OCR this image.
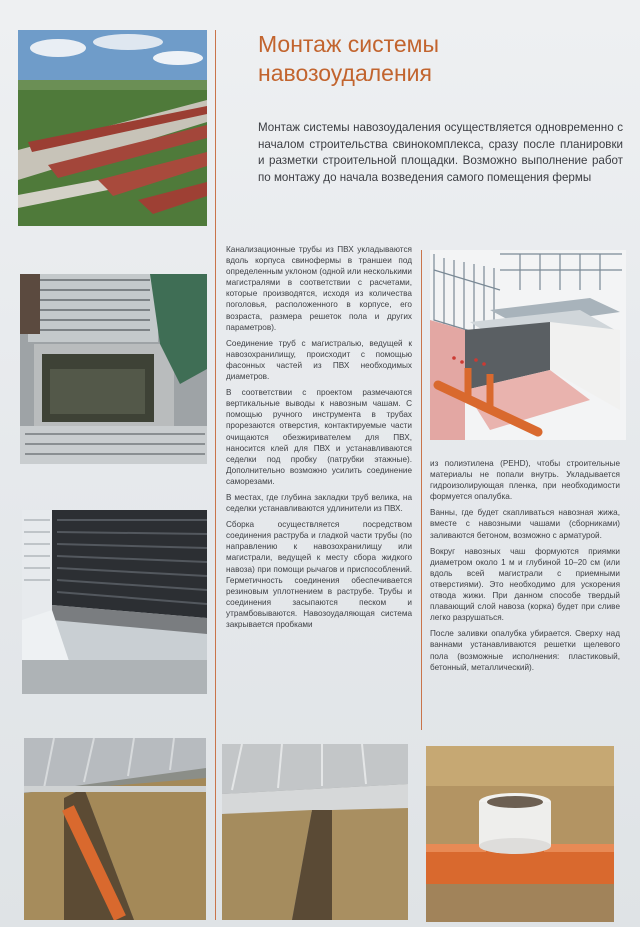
Монтаж системы
навозоудаления
Монтаж системы навозоудаления осуществляется одновременно с началом строительства свинокомплекса, сразу после планировки и разметки строительной площадки. Возможно выполнение работ по монтажу до начала возведения самого помещения фермы

Канализационные трубы из ПВХ укладываются вдоль корпуса свинофермы в траншеи под определенным уклоном (одной или несколькими магистралями в соответствии с расчетами, которые производятся, исходя из количества поголовья, расположенного в корпусе, его возраста, размера решеток пола и других параметров).

Соединение труб с магистралью, ведущей к навозохранилищу, происходит с помощью фасонных частей из ПВХ необходимых диаметров.

В соответствии с проектом размечаются вертикальные выводы к навозным чашам. С помощью ручного инструмента в трубах прорезаются отверстия, контактируемые части очищаются обезжиривателем для ПВХ, наносится клей для ПВХ и устанавливаются седелки под пробку (патрубки этажные). Дополнительно возможно усилить соединение саморезами.

В местах, где глубина закладки труб велика, на седелки устанавливаются удлинители из ПВХ.

Сборка осуществляется посредством соединения раструба и гладкой части трубы (по направлению к навозохранилищу или магистрали, ведущей к месту сбора жидкого навоза) при помощи рычагов и приспособлений. Герметичность соединения обеспечивается резиновым уплотнением в раструбе. Трубы и соединения засыпаются песком и утрамбовываются. Навозоудаляющая система закрывается пробками

из полиэтилена (PEHD), чтобы строительные материалы не попали внутрь. Укладывается гидроизолирующая пленка, при необходимости формуется опалубка.

Ванны, где будет скапливаться навозная жижа, вместе с навозными чашами (сборниками) заливаются бетоном, возможно с арматурой.

Вокруг навозных чаш формуются приямки диаметром около 1 м и глубиной 10–20 см (или вдоль всей магистрали с приемными отверстиями). Это необходимо для ускорения отвода жижи. При данном способе твердый плавающий слой навоза (корка) будет при сливе легко разрушаться.

После заливки опалубка убирается. Сверху над ваннами устанавливаются решетки щелевого пола (возможные исполнения: пластиковый, бетонный, металлический).
